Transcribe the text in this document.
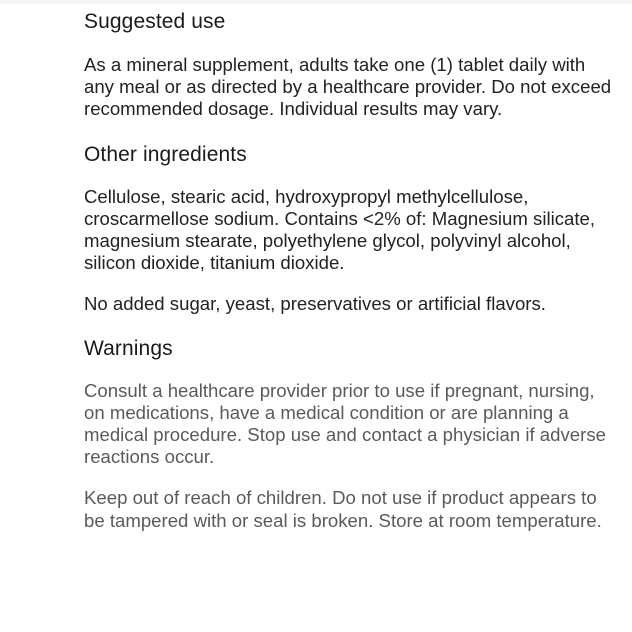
Suggested use

As a mineral supplement, adults take one (1) tablet daily with any meal or as directed by a healthcare provider. Do not exceed recommended dosage. Individual results may vary.

Other ingredients

Cellulose, stearic acid, hydroxypropyl methylcellulose, croscarmellose sodium. Contains <2% of: Magnesium silicate, magnesium stearate, polyethylene glycol, polyvinyl alcohol, silicon dioxide, titanium dioxide.

No added sugar, yeast, preservatives or artificial flavors.

Warnings

Consult a healthcare provider prior to use if pregnant, nursing, on medications, have a medical condition or are planning a medical procedure. Stop use and contact a physician if adverse reactions occur.

Keep out of reach of children. Do not use if product appears to be tampered with or seal is broken. Store at room temperature.
